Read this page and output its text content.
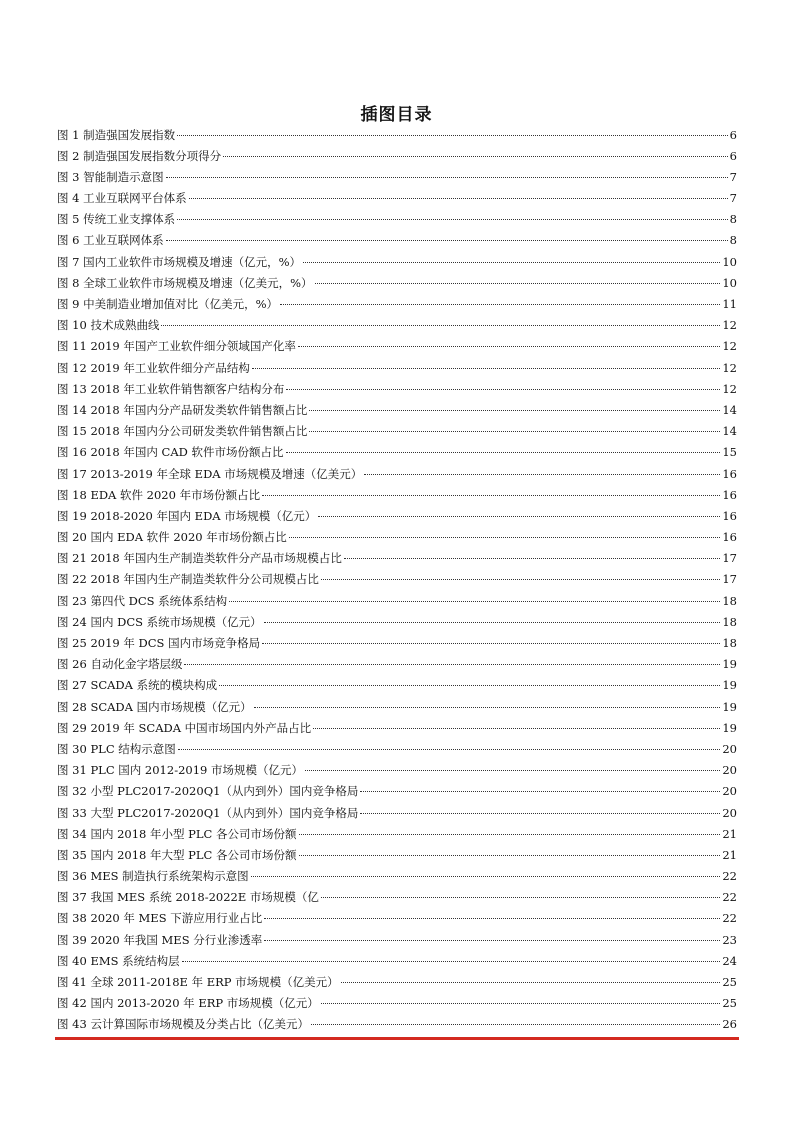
插图目录
图 1 制造强国发展指数	6
图 2 制造强国发展指数分项得分	6
图 3 智能制造示意图	7
图 4 工业互联网平台体系	7
图 5 传统工业支撑体系	8
图 6 工业互联网体系	8
图 7 国内工业软件市场规模及增速（亿元，%）	10
图 8 全球工业软件市场规模及增速（亿美元，%）	10
图 9 中美制造业增加值对比（亿美元，%）	11
图 10 技术成熟曲线	12
图 11 2019 年国产工业软件细分领域国产化率	12
图 12 2019 年工业软件细分产品结构	12
图 13 2018 年工业软件销售额客户结构分布	12
图 14 2018 年国内分产品研发类软件销售额占比	14
图 15 2018 年国内分公司研发类软件销售额占比	14
图 16 2018 年国内 CAD 软件市场份额占比	15
图 17 2013-2019 年全球 EDA 市场规模及增速（亿美元）	16
图 18 EDA 软件 2020 年市场份额占比	16
图 19 2018-2020 年国内 EDA 市场规模（亿元）	16
图 20 国内 EDA 软件 2020 年市场份额占比	16
图 21 2018 年国内生产制造类软件分产品市场规模占比	17
图 22 2018 年国内生产制造类软件分公司规模占比	17
图 23 第四代 DCS 系统体系结构	18
图 24 国内 DCS 系统市场规模（亿元）	18
图 25 2019 年 DCS 国内市场竞争格局	18
图 26 自动化金字塔层级	19
图 27 SCADA 系统的模块构成	19
图 28 SCADA 国内市场规模（亿元）	19
图 29 2019 年 SCADA 中国市场国内外产品占比	19
图 30 PLC 结构示意图	20
图 31 PLC 国内 2012-2019 市场规模（亿元）	20
图 32 小型 PLC2017-2020Q1（从内到外）国内竞争格局	20
图 33 大型 PLC2017-2020Q1（从内到外）国内竞争格局	20
图 34 国内 2018 年小型 PLC 各公司市场份额	21
图 35 国内 2018 年大型 PLC 各公司市场份额	21
图 36 MES 制造执行系统架构示意图	22
图 37 我国 MES 系统 2018-2022E 市场规模（亿	22
图 38 2020 年 MES 下游应用行业占比	22
图 39 2020 年我国 MES 分行业渗透率	23
图 40 EMS 系统结构层	24
图 41 全球 2011-2018E 年 ERP 市场规模（亿美元）	25
图 42 国内 2013-2020 年 ERP 市场规模（亿元）	25
图 43 云计算国际市场规模及分类占比（亿美元）	26
